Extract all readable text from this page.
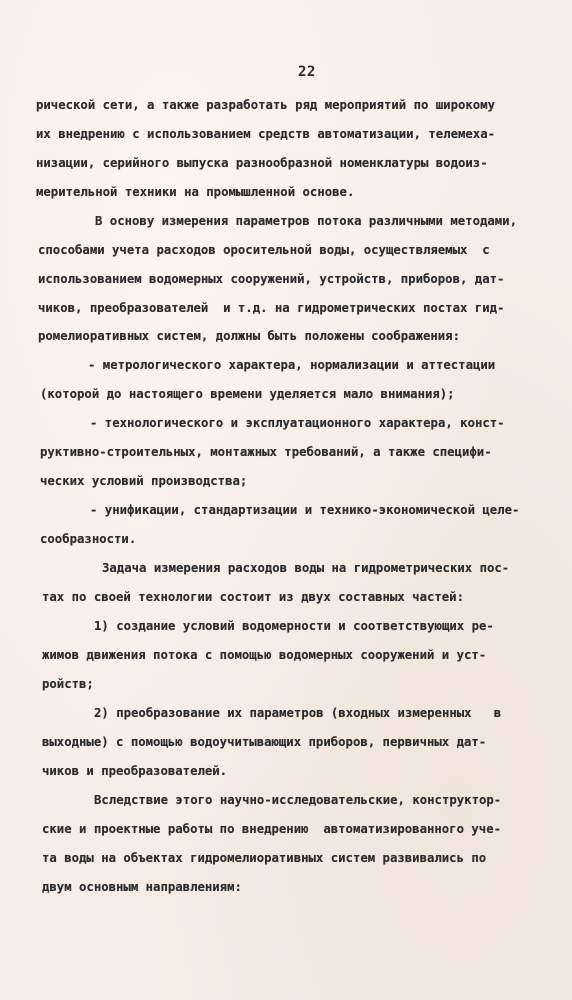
22
рической сети, а также разработать ряд мероприятий по широкому
их внедрению с использованием средств автоматизации, телемеха-
низации, серийного выпуска разнообразной номенклатуры водоиз-
мерительной техники на промышленной основе.
В основу измерения параметров потока различными методами,
способами учета расходов оросительной воды, осуществляемых  с
использованием водомерных сооружений, устройств, приборов, дат-
чиков, преобразователей  и т.д. на гидрометрических постах гид-
ромелиоративных систем, должны быть положены соображения:
- метрологического характера, нормализации и аттестации
(которой до настоящего времени уделяется мало внимания);
- технологического и эксплуатационного характера, конст-
руктивно-строительных, монтажных требований, а также специфи-
ческих условий производства;
- унификации, стандартизации и технико-экономической целе-
сообразности.
Задача измерения расходов воды на гидрометрических пос-
тах по своей технологии состоит из двух составных частей:
1) создание условий водомерности и соответствующих ре-
жимов движения потока с помощью водомерных сооружений и уст-
ройств;
2) преобразование их параметров (входных измеренных   в
выходные) с помощью водоучитывающих приборов, первичных дат-
чиков и преобразователей.
Вследствие этого научно-исследовательские, конструктор-
ские и проектные работы по внедрению  автоматизированного уче-
та воды на объектах гидромелиоративных систем развивались по
двум основным направлениям:
